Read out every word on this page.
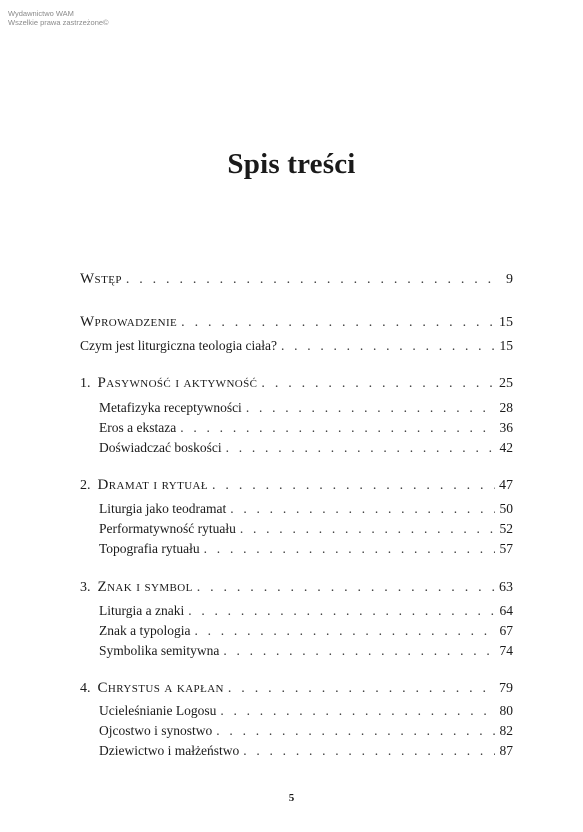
Wydawnictwo WAM
Wszelkie prawa zastrzeżone©
Spis treści
Wstęp . . .	9
Wprowadzenie . . .	15
Czym jest liturgiczna teologia ciała? . . .	15
1. Pasywność i aktywność . . .	25
Metafizyka receptywności . . .	28
Eros a ekstaza . . .	36
Doświadczać boskości . . .	42
2. Dramat i rytuał . . .	47
Liturgia jako teodramat . . .	50
Performatywność rytuału . . .	52
Topografia rytuału . . .	57
3. Znak i symbol . . .	63
Liturgia a znaki . . .	64
Znak a typologia . . .	67
Symbolika semitywna . . .	74
4. Chrystus a kapłan . . .	79
Ucieleśnianie Logosu . . .	80
Ojcostwo i synostwo . . .	82
Dziewictwo i małżeństwo . . .	87
5
